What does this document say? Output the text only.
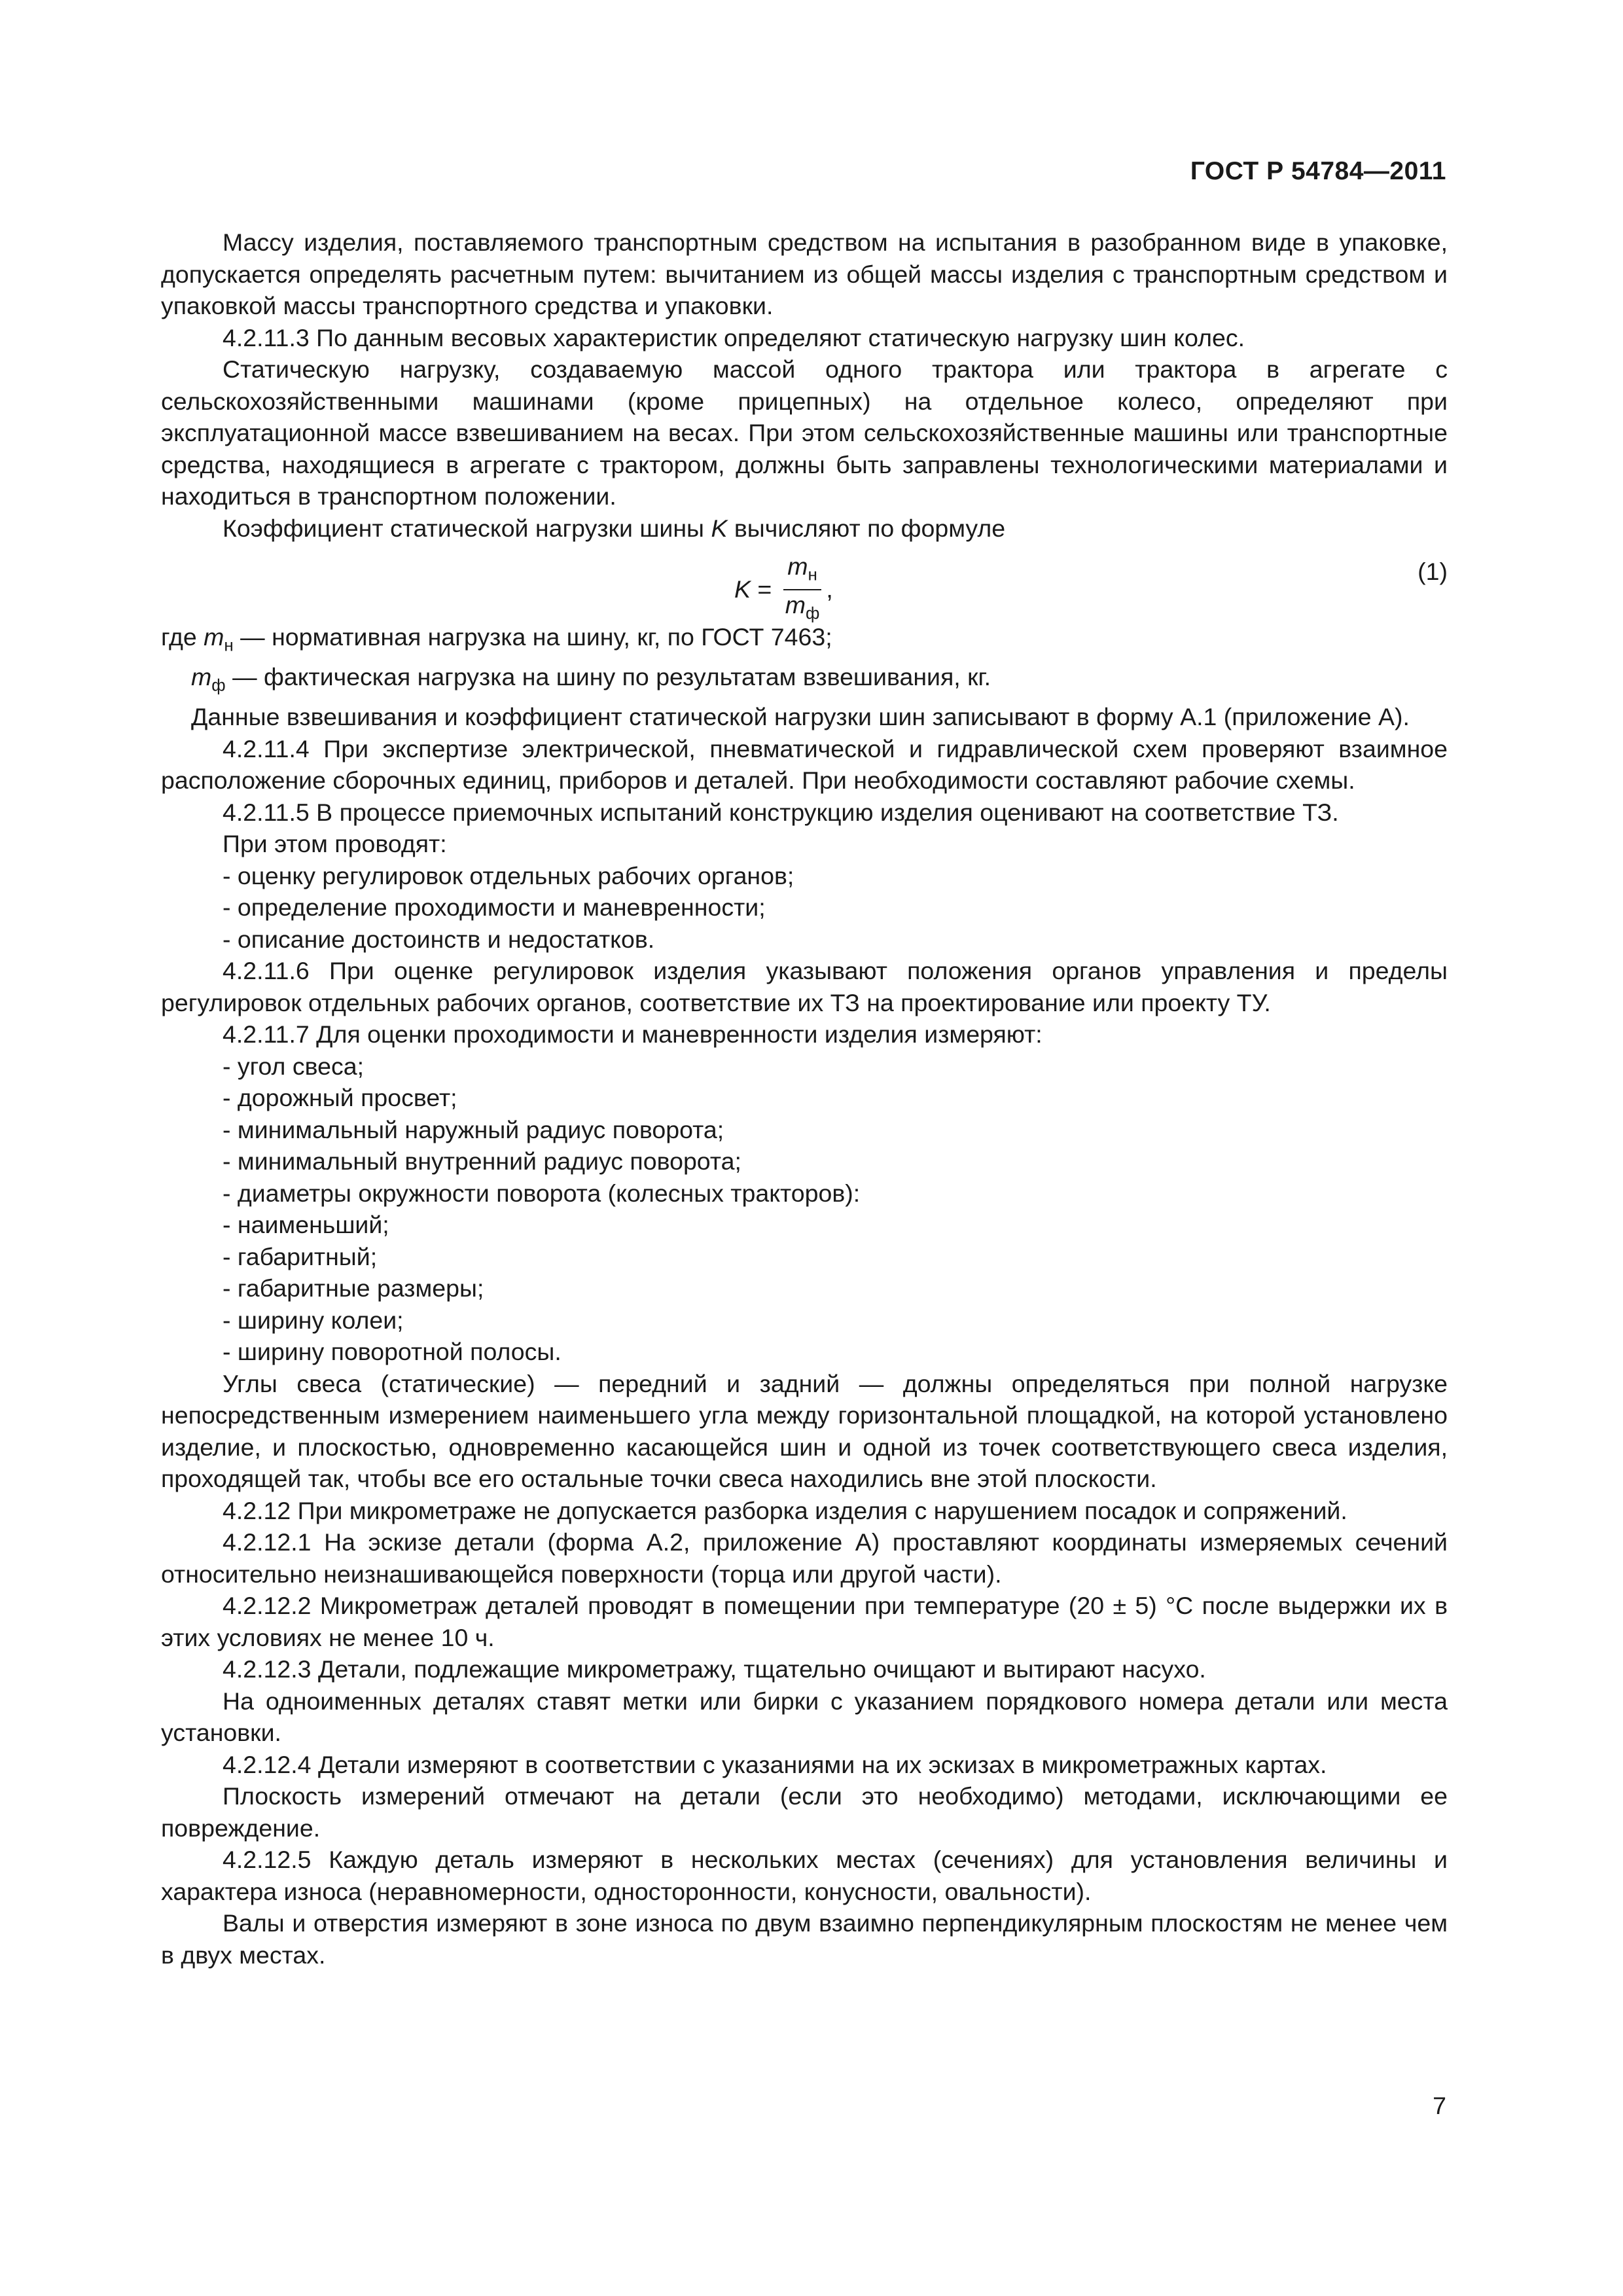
ГОСТ Р 54784—2011

Массу изделия, поставляемого транспортным средством на испытания в разобранном виде в упаковке, допускается определять расчетным путем: вычитанием из общей массы изделия с транспортным средством и упаковкой массы транспортного средства и упаковки.

4.2.11.3 По данным весовых характеристик определяют статическую нагрузку шин колес.

Статическую нагрузку, создаваемую массой одного трактора или трактора в агрегате с сельскохозяйственными машинами (кроме прицепных) на отдельное колесо, определяют при эксплуатационной массе взвешиванием на весах. При этом сельскохозяйственные машины или транспортные средства, находящиеся в агрегате с трактором, должны быть заправлены технологическими материалами и находиться в транспортном положении.

Коэффициент статической нагрузки шины K вычисляют по формуле

$K = \frac{m_н}{m_ф}$ ,
(1)

где $m_н$ — нормативная нагрузка на шину, кг, по ГОСТ 7463;

$m_ф$ — фактическая нагрузка на шину по результатам взвешивания, кг.

Данные взвешивания и коэффициент статической нагрузки шин записывают в форму А.1 (приложение А).

4.2.11.4 При экспертизе электрической, пневматической и гидравлической схем проверяют взаимное расположение сборочных единиц, приборов и деталей. При необходимости составляют рабочие схемы.

4.2.11.5 В процессе приемочных испытаний конструкцию изделия оценивают на соответствие ТЗ.

При этом проводят:

- оценку регулировок отдельных рабочих органов;

- определение проходимости и маневренности;

- описание достоинств и недостатков.

4.2.11.6 При оценке регулировок изделия указывают положения органов управления и пределы регулировок отдельных рабочих органов, соответствие их ТЗ на проектирование или проекту ТУ.

4.2.11.7 Для оценки проходимости и маневренности изделия измеряют:

- угол свеса;

- дорожный просвет;

- минимальный наружный радиус поворота;

- минимальный внутренний радиус поворота;

- диаметры окружности поворота (колесных тракторов):

- наименьший;

- габаритный;

- габаритные размеры;

- ширину колеи;

- ширину поворотной полосы.

Углы свеса (статические) — передний и задний — должны определяться при полной нагрузке непосредственным измерением наименьшего угла между горизонтальной площадкой, на которой установлено изделие, и плоскостью, одновременно касающейся шин и одной из точек соответствующего свеса изделия, проходящей так, чтобы все его остальные точки свеса находились вне этой плоскости.

4.2.12 При микрометраже не допускается разборка изделия с нарушением посадок и сопряжений.

4.2.12.1 На эскизе детали (форма А.2, приложение А) проставляют координаты измеряемых сечений относительно неизнашивающейся поверхности (торца или другой части).

4.2.12.2 Микрометраж деталей проводят в помещении при температуре (20 ± 5) °С после выдержки их в этих условиях не менее 10 ч.

4.2.12.3 Детали, подлежащие микрометражу, тщательно очищают и вытирают насухо.

На одноименных деталях ставят метки или бирки с указанием порядкового номера детали или места установки.

4.2.12.4 Детали измеряют в соответствии с указаниями на их эскизах в микрометражных картах.

Плоскость измерений отмечают на детали (если это необходимо) методами, исключающими ее повреждение.

4.2.12.5 Каждую деталь измеряют в нескольких местах (сечениях) для установления величины и характера износа (неравномерности, односторонности, конусности, овальности).

Валы и отверстия измеряют в зоне износа по двум взаимно перпендикулярным плоскостям не менее чем в двух местах.

7
